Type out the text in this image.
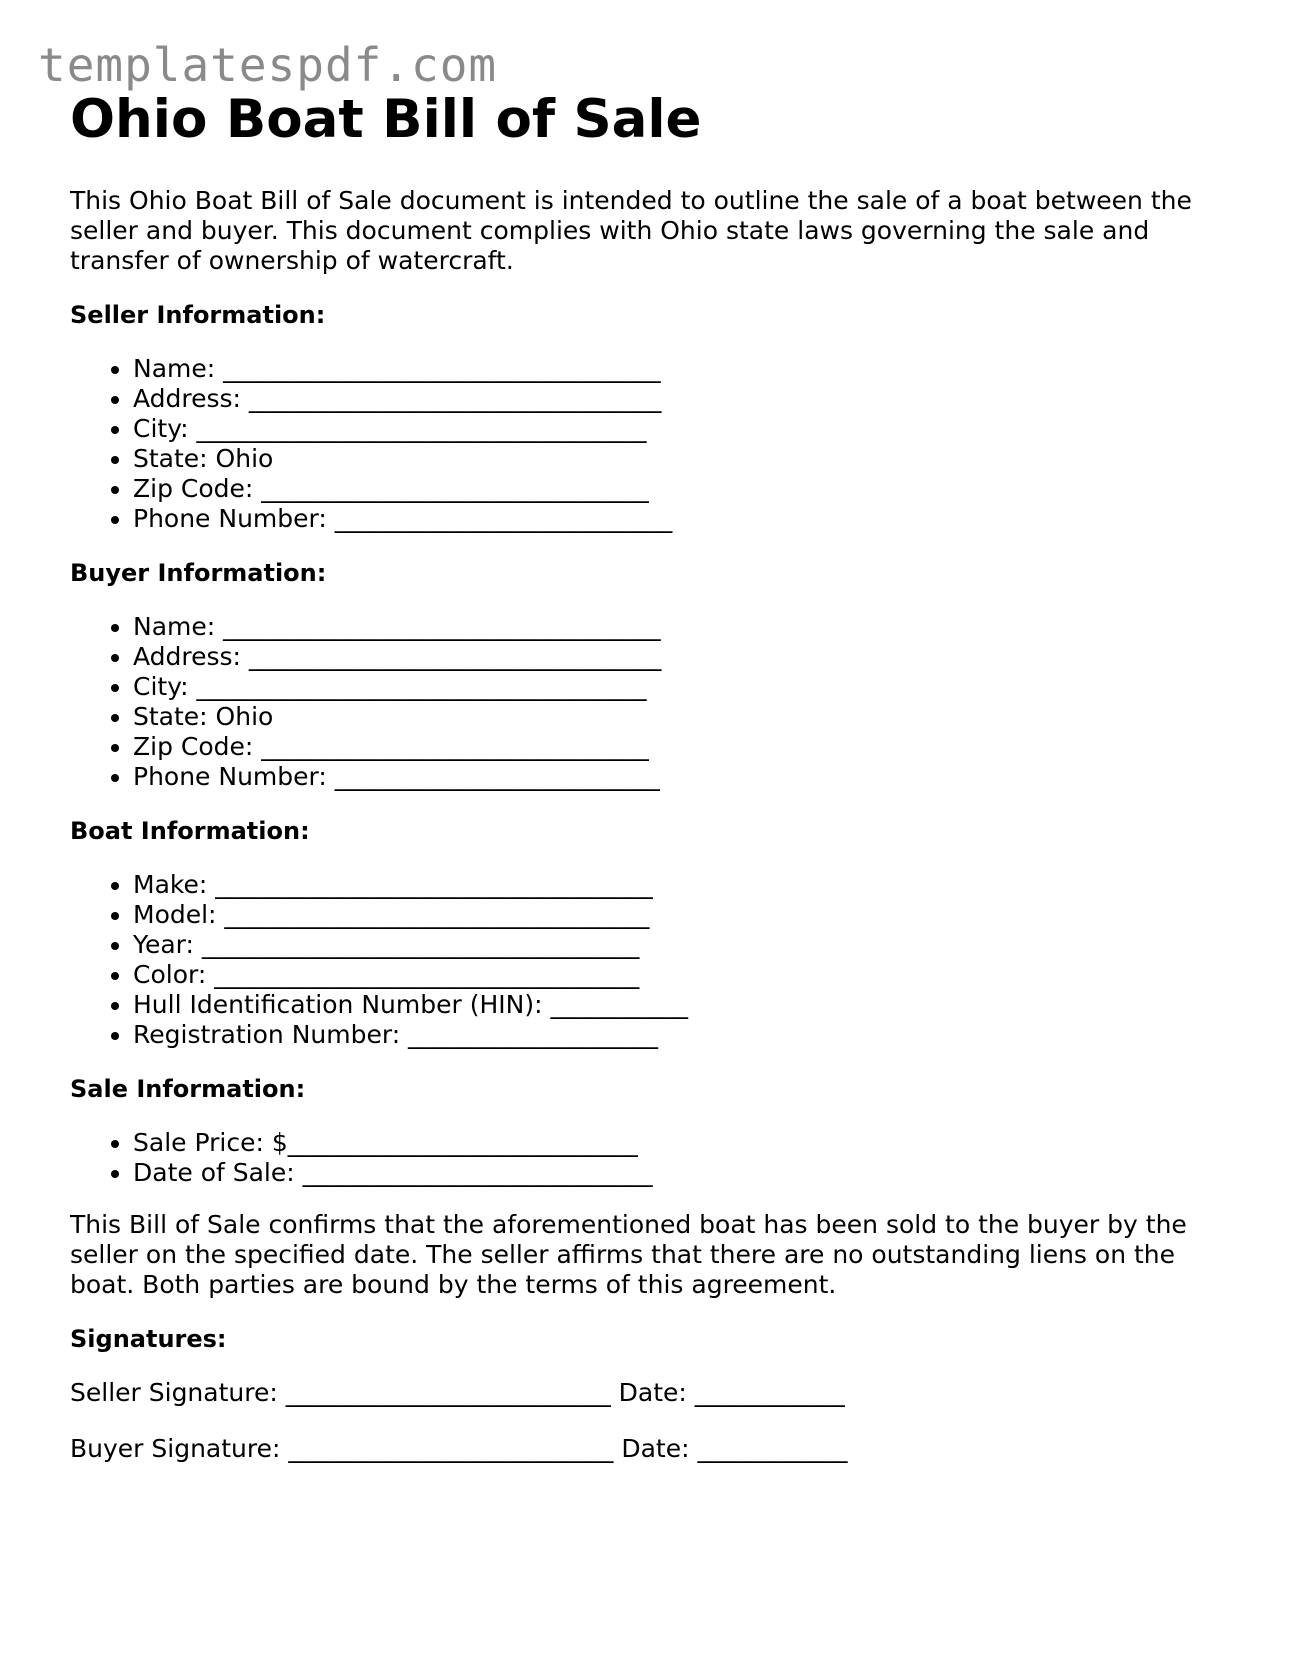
templatespdf.com
Ohio Boat Bill of Sale

This Ohio Boat Bill of Sale document is intended to outline the sale of a boat between the seller and buyer. This document complies with Ohio state laws governing the sale and transfer of ownership of watercraft.

Seller Information:
• Name: ___________________________________
• Address: _________________________________
• City: ____________________________________
• State: Ohio
• Zip Code: _______________________________
• Phone Number: ___________________________
Buyer Information:
• Name: ___________________________________
• Address: _________________________________
• City: ____________________________________
• State: Ohio
• Zip Code: _______________________________
• Phone Number: __________________________
Boat Information:
• Make: ___________________________________
• Model: __________________________________
• Year: ___________________________________
• Color: __________________________________
• Hull Identification Number (HIN): ___________
• Registration Number: ____________________
Sale Information:
• Sale Price: $____________________________
• Date of Sale: ____________________________

This Bill of Sale confirms that the aforementioned boat has been sold to the buyer by the seller on the specified date. The seller affirms that there are no outstanding liens on the boat. Both parties are bound by the terms of this agreement.

Signatures:

Seller Signature: __________________________ Date: ____________

Buyer Signature: __________________________ Date: ____________
